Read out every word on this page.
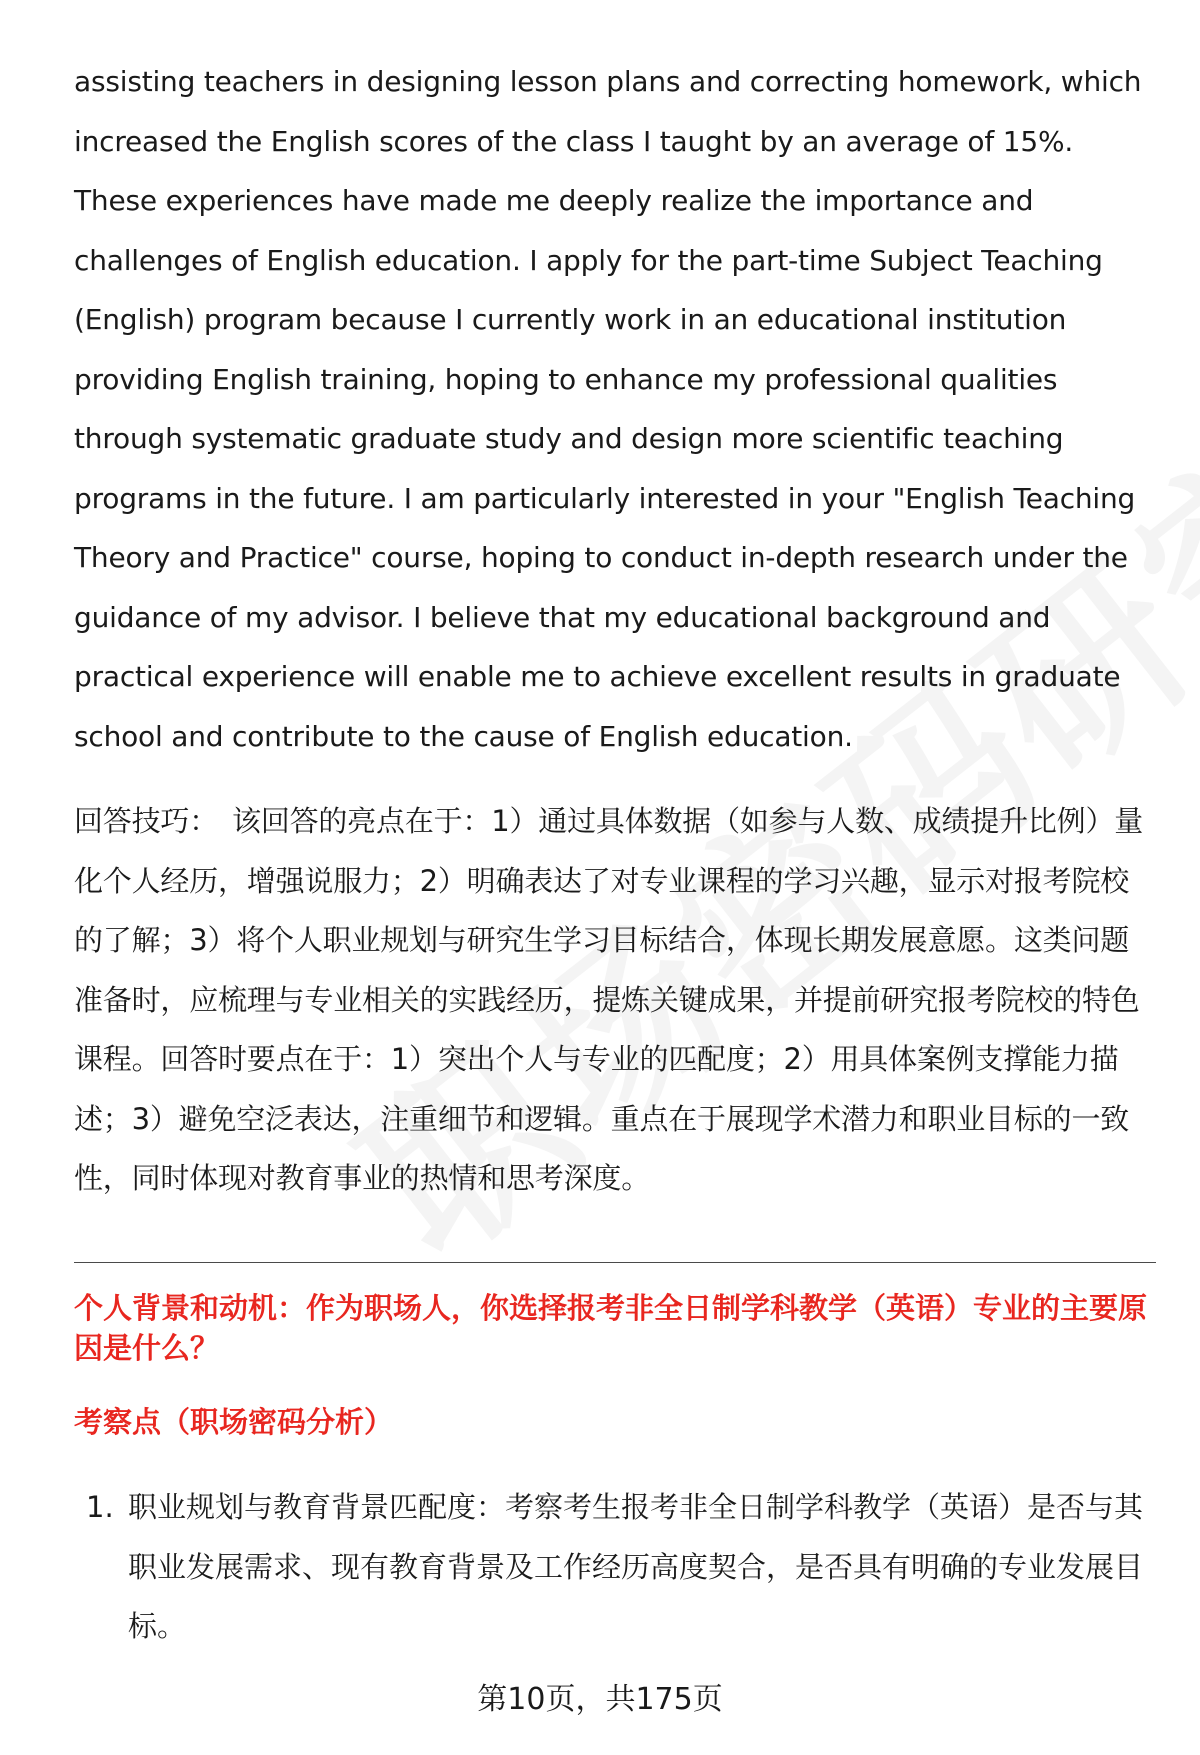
assisting teachers in designing lesson plans and correcting homework, which increased the English scores of the class I taught by an average of 15%. These experiences have made me deeply realize the importance and challenges of English education. I apply for the part-time Subject Teaching (English) program because I currently work in an educational institution providing English training, hoping to enhance my professional qualities through systematic graduate study and design more scientific teaching programs in the future. I am particularly interested in your "English Teaching Theory and Practice" course, hoping to conduct in-depth research under the guidance of my advisor. I believe that my educational background and practical experience will enable me to achieve excellent results in graduate school and contribute to the cause of English education.

回答技巧： 该回答的亮点在于：1）通过具体数据（如参与人数、成绩提升比例）量化个人经历，增强说服力；2）明确表达了对专业课程的学习兴趣，显示对报考院校的了解；3）将个人职业规划与研究生学习目标结合，体现长期发展意愿。这类问题准备时，应梳理与专业相关的实践经历，提炼关键成果，并提前研究报考院校的特色课程。回答时要点在于：1）突出个人与专业的匹配度；2）用具体案例支撑能力描述；3）避免空泛表达，注重细节和逻辑。重点在于展现学术潜力和职业目标的一致性，同时体现对教育事业的热情和思考深度。

个人背景和动机：作为职场人，你选择报考非全日制学科教学（英语）专业的主要原因是什么？

考察点（职场密码分析）

1. 职业规划与教育背景匹配度：考察考生报考非全日制学科教学（英语）是否与其职业发展需求、现有教育背景及工作经历高度契合，是否具有明确的专业发展目标。
第10页，共175页
